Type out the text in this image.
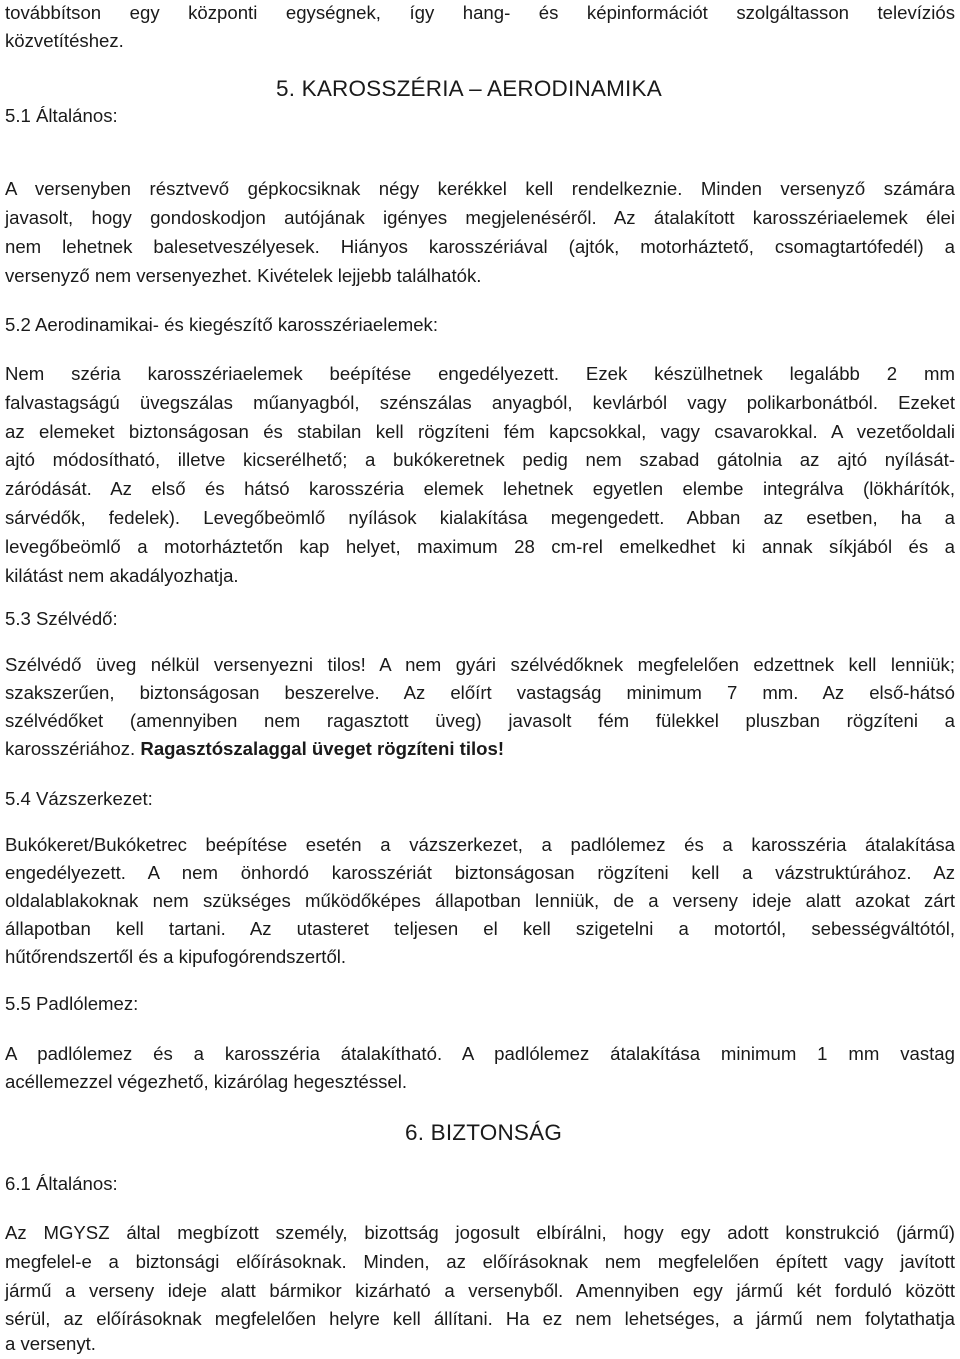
továbbítson egy központi egységnek, így hang- és képinformációt szolgáltasson televíziós

közvetítéshez.

5. KAROSSZÉRIA – AERODINAMIKA
5.1 Általános:

A versenyben résztvevő gépkocsiknak négy kerékkel kell rendelkeznie. Minden versenyző számára

javasolt, hogy gondoskodjon autójának igényes megjelenéséről. Az átalakított karosszériaelemek élei

nem lehetnek balesetveszélyesek. Hiányos karosszériával (ajtók, motorháztető, csomagtartófedél) a

versenyző nem versenyezhet. Kivételek lejjebb találhatók.

5.2 Aerodinamikai- és kiegészítő karosszériaelemek:

Nem széria karosszériaelemek beépítése engedélyezett. Ezek készülhetnek legalább 2 mm

falvastagságú üvegszálas műanyagból, szénszálas anyagból, kevlárból vagy polikarbonátból. Ezeket

az elemeket biztonságosan és stabilan kell rögzíteni fém kapcsokkal, vagy csavarokkal. A vezetőoldali

ajtó módosítható, illetve kicserélhető; a bukókeretnek pedig nem szabad gátolnia az ajtó nyílását-

záródását. Az első és hátsó karosszéria elemek lehetnek egyetlen elembe integrálva (lökhárítók,

sárvédők, fedelek). Levegőbeömlő nyílások kialakítása megengedett. Abban az esetben, ha a

levegőbeömlő a motorháztetőn kap helyet, maximum 28 cm-rel emelkedhet ki annak síkjából és a

kilátást nem akadályozhatja.

5.3 Szélvédő:

Szélvédő üveg nélkül versenyezni tilos! A nem gyári szélvédőknek megfelelően edzettnek kell lenniük;

szakszerűen, biztonságosan beszerelve. Az előírt vastagság minimum 7 mm. Az első-hátsó

szélvédőket (amennyiben nem ragasztott üveg) javasolt fém fülekkel pluszban rögzíteni a

karosszériához. Ragasztószalaggal üveget rögzíteni tilos!

5.4 Vázszerkezet:

Bukókeret/Bukóketrec beépítése esetén a vázszerkezet, a padlólemez és a karosszéria átalakítása

engedélyezett. A nem önhordó karosszériát biztonságosan rögzíteni kell a vázstruktúrához. Az

oldalablakoknak nem szükséges működőképes állapotban lenniük, de a verseny ideje alatt azokat zárt

állapotban kell tartani. Az utasteret teljesen el kell szigetelni a motortól, sebességváltótól,

hűtőrendszertől és a kipufogórendszertől.

5.5 Padlólemez:

A padlólemez és a karosszéria átalakítható. A padlólemez átalakítása minimum 1 mm vastag

acéllemezzel végezhető, kizárólag hegesztéssel.

6. BIZTONSÁG
6.1 Általános:

Az MGYSZ által megbízott személy, bizottság jogosult elbírálni, hogy egy adott konstrukció (jármű)

megfelel-e a biztonsági előírásoknak. Minden, az előírásoknak nem megfelelően épített vagy javított

jármű a verseny ideje alatt bármikor kizárható a versenyből. Amennyiben egy jármű két forduló között

sérül, az előírásoknak megfelelően helyre kell állítani. Ha ez nem lehetséges, a jármű nem folytathatja

a versenyt.
